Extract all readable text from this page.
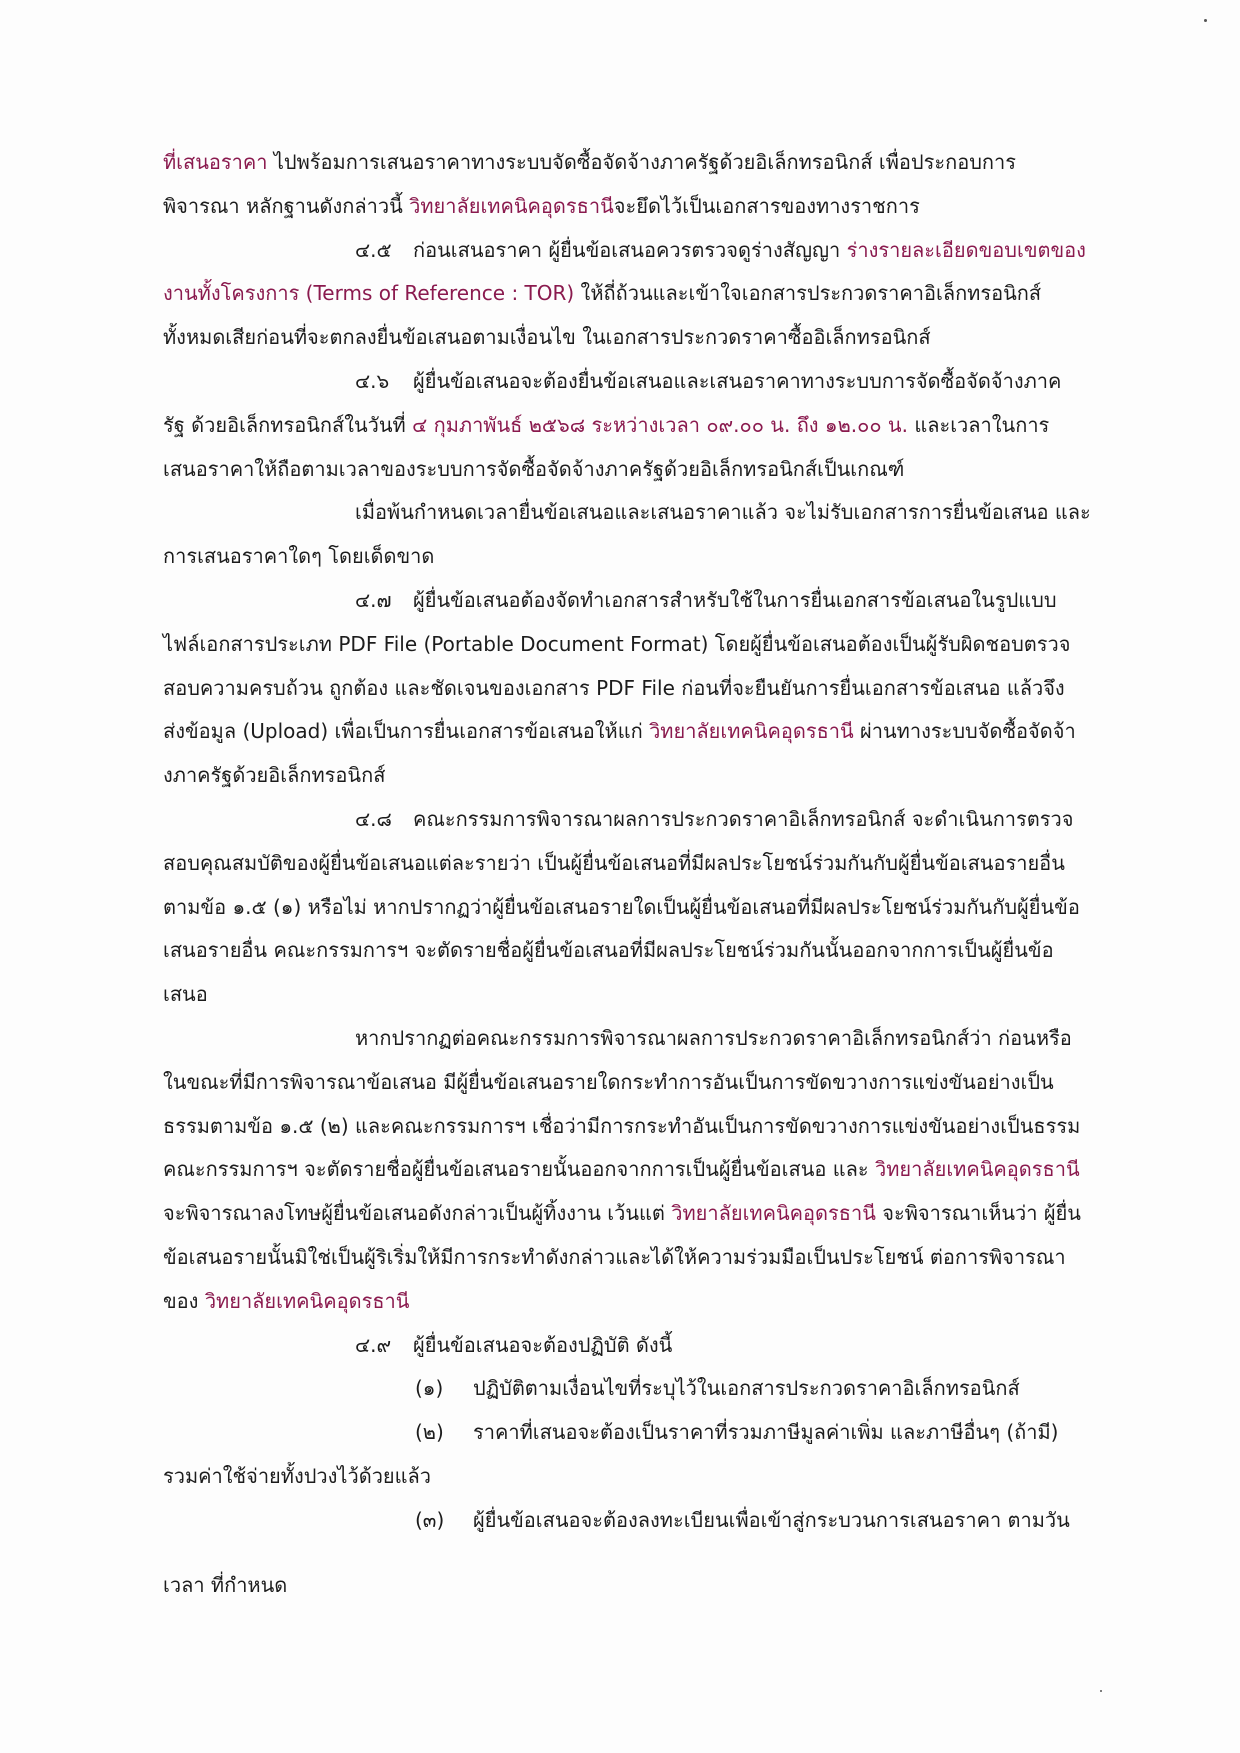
ที่เสนอราคา ไปพร้อมการเสนอราคาทางระบบจัดซื้อจัดจ้างภาครัฐด้วยอิเล็กทรอนิกส์ เพื่อประกอบการ

พิจารณา หลักฐานดังกล่าวนี้ วิทยาลัยเทคนิคอุดรธานีจะยึดไว้เป็นเอกสารของทางราชการ

๔.๕ ก่อนเสนอราคา ผู้ยื่นข้อเสนอควรตรวจดูร่างสัญญา ร่างรายละเอียดขอบเขตของ

งานทั้งโครงการ (Terms of Reference : TOR) ให้ถี่ถ้วนและเข้าใจเอกสารประกวดราคาอิเล็กทรอนิกส์

ทั้งหมดเสียก่อนที่จะตกลงยื่นข้อเสนอตามเงื่อนไข ในเอกสารประกวดราคาซื้ออิเล็กทรอนิกส์

๔.๖ ผู้ยื่นข้อเสนอจะต้องยื่นข้อเสนอและเสนอราคาทางระบบการจัดซื้อจัดจ้างภาค

รัฐ ด้วยอิเล็กทรอนิกส์ในวันที่ ๔ กุมภาพันธ์ ๒๕๖๘ ระหว่างเวลา ๐๙.๐๐ น. ถึง ๑๒.๐๐ น. และเวลาในการ

เสนอราคาให้ถือตามเวลาของระบบการจัดซื้อจัดจ้างภาครัฐด้วยอิเล็กทรอนิกส์เป็นเกณฑ์

เมื่อพ้นกำหนดเวลายื่นข้อเสนอและเสนอราคาแล้ว จะไม่รับเอกสารการยื่นข้อเสนอ และ

การเสนอราคาใดๆ โดยเด็ดขาด

๔.๗ ผู้ยื่นข้อเสนอต้องจัดทำเอกสารสำหรับใช้ในการยื่นเอกสารข้อเสนอในรูปแบบ

ไฟล์เอกสารประเภท PDF File (Portable Document Format) โดยผู้ยื่นข้อเสนอต้องเป็นผู้รับผิดชอบตรวจ

สอบความครบถ้วน ถูกต้อง และชัดเจนของเอกสาร PDF File ก่อนที่จะยืนยันการยื่นเอกสารข้อเสนอ แล้วจึง

ส่งข้อมูล (Upload) เพื่อเป็นการยื่นเอกสารข้อเสนอให้แก่ วิทยาลัยเทคนิคอุดรธานี ผ่านทางระบบจัดซื้อจัดจ้า

งภาครัฐด้วยอิเล็กทรอนิกส์

๔.๘ คณะกรรมการพิจารณาผลการประกวดราคาอิเล็กทรอนิกส์ จะดำเนินการตรวจ

สอบคุณสมบัติของผู้ยื่นข้อเสนอแต่ละรายว่า เป็นผู้ยื่นข้อเสนอที่มีผลประโยชน์ร่วมกันกับผู้ยื่นข้อเสนอรายอื่น

ตามข้อ ๑.๕ (๑) หรือไม่ หากปรากฏว่าผู้ยื่นข้อเสนอรายใดเป็นผู้ยื่นข้อเสนอที่มีผลประโยชน์ร่วมกันกับผู้ยื่นข้อ

เสนอรายอื่น คณะกรรมการฯ จะตัดรายชื่อผู้ยื่นข้อเสนอที่มีผลประโยชน์ร่วมกันนั้นออกจากการเป็นผู้ยื่นข้อ

เสนอ

หากปรากฏต่อคณะกรรมการพิจารณาผลการประกวดราคาอิเล็กทรอนิกส์ว่า ก่อนหรือ

ในขณะที่มีการพิจารณาข้อเสนอ มีผู้ยื่นข้อเสนอรายใดกระทำการอันเป็นการขัดขวางการแข่งขันอย่างเป็น

ธรรมตามข้อ ๑.๕ (๒) และคณะกรรมการฯ เชื่อว่ามีการกระทำอันเป็นการขัดขวางการแข่งขันอย่างเป็นธรรม

คณะกรรมการฯ จะตัดรายชื่อผู้ยื่นข้อเสนอรายนั้นออกจากการเป็นผู้ยื่นข้อเสนอ และ วิทยาลัยเทคนิคอุดรธานี

จะพิจารณาลงโทษผู้ยื่นข้อเสนอดังกล่าวเป็นผู้ทิ้งงาน เว้นแต่ วิทยาลัยเทคนิคอุดรธานี จะพิจารณาเห็นว่า ผู้ยื่น

ข้อเสนอรายนั้นมิใช่เป็นผู้ริเริ่มให้มีการกระทำดังกล่าวและได้ให้ความร่วมมือเป็นประโยชน์ ต่อการพิจารณา

ของ วิทยาลัยเทคนิคอุดรธานี

๔.๙ ผู้ยื่นข้อเสนอจะต้องปฏิบัติ ดังนี้

(๑) ปฏิบัติตามเงื่อนไขที่ระบุไว้ในเอกสารประกวดราคาอิเล็กทรอนิกส์

(๒) ราคาที่เสนอจะต้องเป็นราคาที่รวมภาษีมูลค่าเพิ่ม และภาษีอื่นๆ (ถ้ามี)

รวมค่าใช้จ่ายทั้งปวงไว้ด้วยแล้ว

(๓) ผู้ยื่นข้อเสนอจะต้องลงทะเบียนเพื่อเข้าสู่กระบวนการเสนอราคา ตามวัน

เวลา ที่กำหนด
